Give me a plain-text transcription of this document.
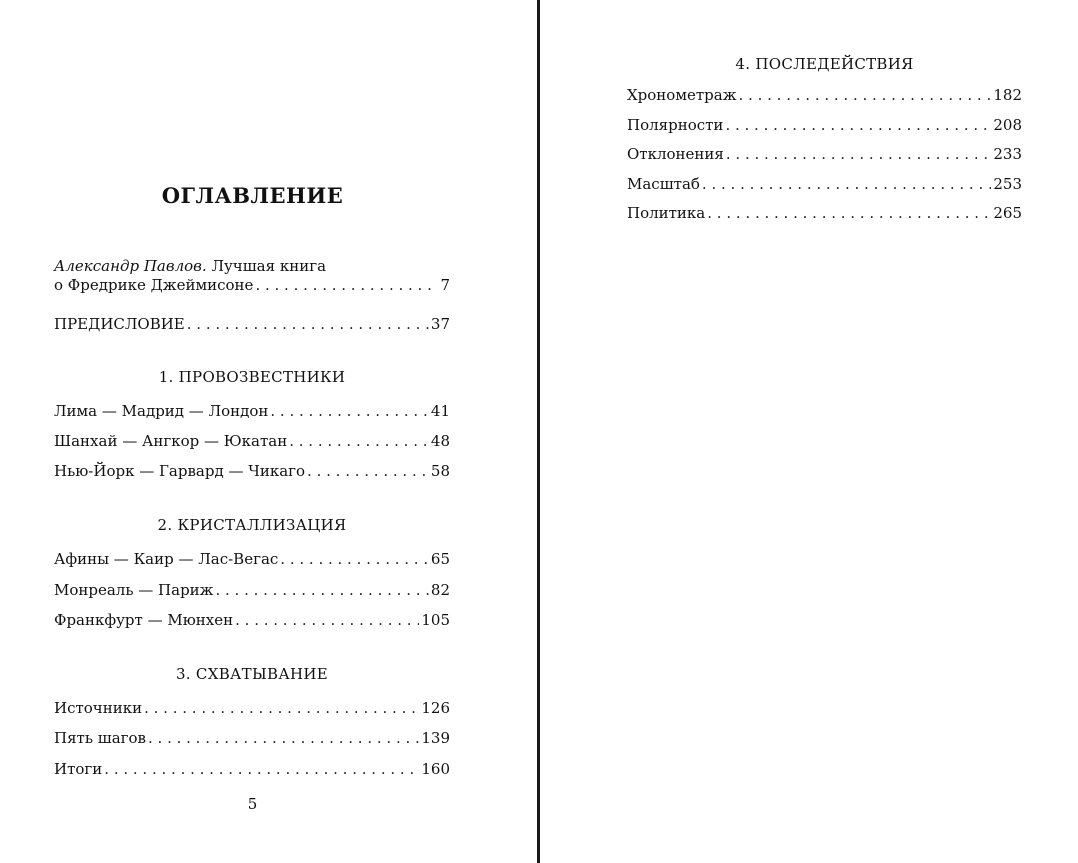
ОГЛАВЛЕНИЕ
Александр Павлов. Лучшая книга
о Фредрике Джеймисоне . . .	7
ПРЕДИСЛОВИЕ . . .	37
1. ПРОВОЗВЕСТНИКИ
Лима — Мадрид — Лондон . . .	41
Шанхай — Ангкор — Юкатан . . .	48
Нью-Йорк — Гарвард — Чикаго . . .	58
2. КРИСТАЛЛИЗАЦИЯ
Афины — Каир — Лас-Вегас . . .	65
Монреаль — Париж . . .	82
Франкфурт — Мюнхен . . .	105
3. СХВАТЫВАНИЕ
Источники . . .	126
Пять шагов . . .	139
Итоги . . .	160
5
4. ПОСЛЕДЕЙСТВИЯ
Хронометраж . . .	182
Полярности . . .	208
Отклонения . . .	233
Масштаб . . .	253
Политика . . .	265
